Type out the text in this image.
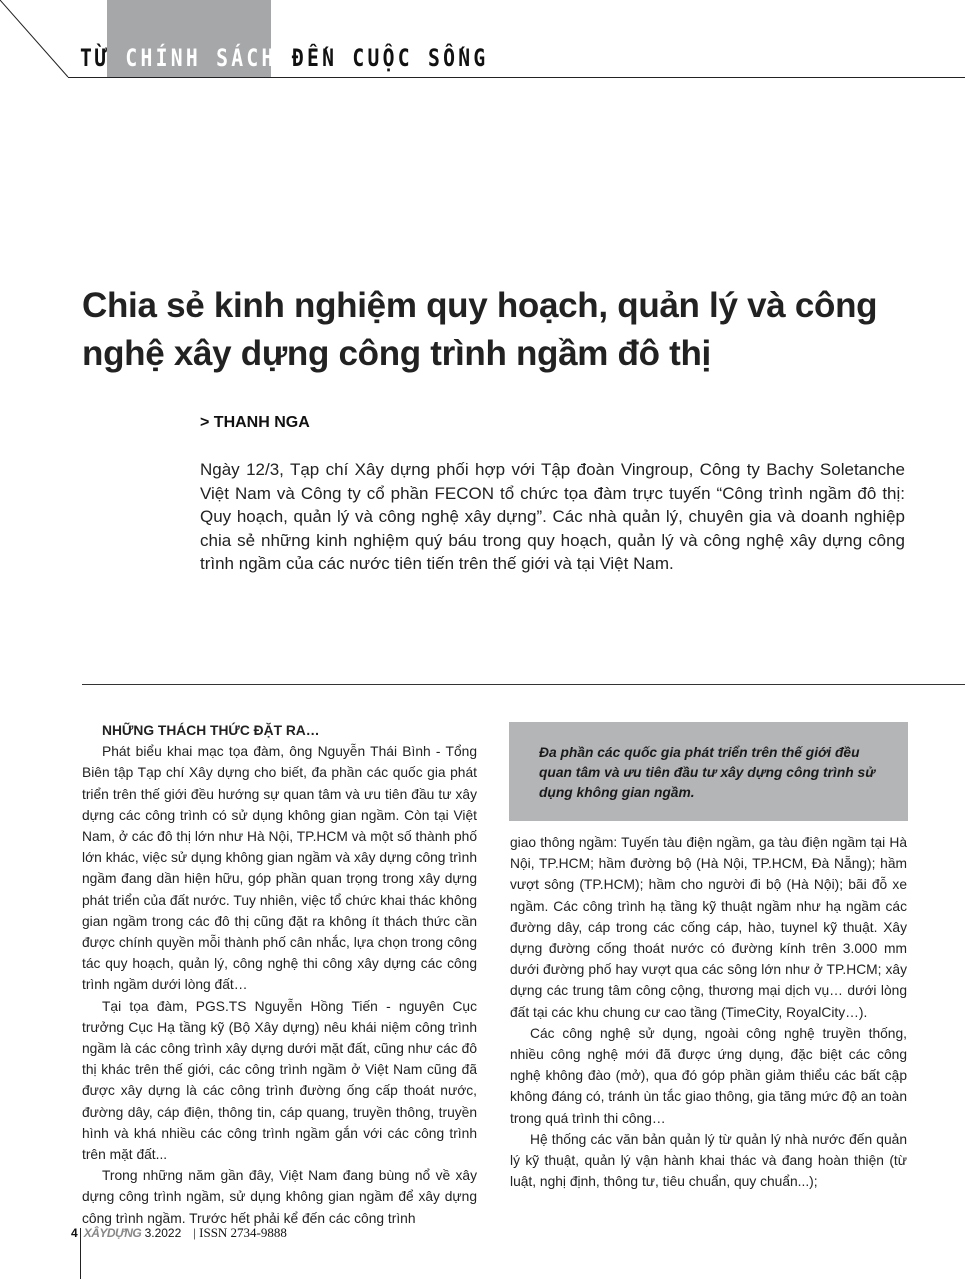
TỪ CHÍNH SÁCH ĐẾN CUỘC SỐNG
Chia sẻ kinh nghiệm quy hoạch, quản lý và công nghệ xây dựng công trình ngầm đô thị
> THANH NGA
Ngày 12/3, Tạp chí Xây dựng phối hợp với Tập đoàn Vingroup, Công ty Bachy Soletanche Việt Nam và Công ty cổ phần FECON tổ chức tọa đàm trực tuyến “Công trình ngầm đô thị: Quy hoạch, quản lý và công nghệ xây dựng”. Các nhà quản lý, chuyên gia và doanh nghiệp chia sẻ những kinh nghiệm quý báu trong quy hoạch, quản lý và công nghệ xây dựng công trình ngầm của các nước tiên tiến trên thế giới và tại Việt Nam.
NHỮNG THÁCH THỨC ĐẶT RA…

Phát biểu khai mạc tọa đàm, ông Nguyễn Thái Bình - Tổng Biên tập Tạp chí Xây dựng cho biết, đa phần các quốc gia phát triển trên thế giới đều hướng sự quan tâm và ưu tiên đầu tư xây dựng các công trình có sử dụng không gian ngầm. Còn tại Việt Nam, ở các đô thị lớn như Hà Nội, TP.HCM và một số thành phố lớn khác, việc sử dụng không gian ngầm và xây dựng công trình ngầm đang dần hiện hữu, góp phần quan trọng trong xây dựng phát triển của đất nước. Tuy nhiên, việc tổ chức khai thác không gian ngầm trong các đô thị cũng đặt ra không ít thách thức cần được chính quyền mỗi thành phố cân nhắc, lựa chọn trong công tác quy hoạch, quản lý, công nghệ thi công xây dựng các công trình ngầm dưới lòng đất…

Tại tọa đàm, PGS.TS Nguyễn Hồng Tiến - nguyên Cục trưởng Cục Hạ tầng kỹ (Bộ Xây dựng) nêu khái niệm công trình ngầm là các công trình xây dựng dưới mặt đất, cũng như các đô thị khác trên thế giới, các công trình ngầm ở Việt Nam cũng đã được xây dựng là các công trình đường ống cấp thoát nước, đường dây, cáp điện, thông tin, cáp quang, truyền thông, truyền hình và khá nhiều các công trình ngầm gắn với các công trình trên mặt đất...

Trong những năm gần đây, Việt Nam đang bùng nổ về xây dựng công trình ngầm, sử dụng không gian ngầm để xây dựng công trình ngầm. Trước hết phải kể đến các công trình

Đa phần các quốc gia phát triển trên thế giới đều quan tâm và ưu tiên đầu tư xây dựng công trình sử dụng không gian ngầm.

giao thông ngầm: Tuyến tàu điện ngầm, ga tàu điện ngầm tại Hà Nội, TP.HCM; hầm đường bộ (Hà Nội, TP.HCM, Đà Nẵng); hầm vượt sông (TP.HCM); hầm cho người đi bộ (Hà Nội); bãi đỗ xe ngầm. Các công trình hạ tầng kỹ thuật ngầm như hạ ngầm các đường dây, cáp trong các cống cáp, hào, tuynel kỹ thuật. Xây dựng đường cống thoát nước có đường kính trên 3.000 mm dưới đường phố hay vượt qua các sông lớn như ở TP.HCM; xây dựng các trung tâm công cộng, thương mại dịch vụ… dưới lòng đất tại các khu chung cư cao tầng (TimeCity, RoyalCity…).

Các công nghệ sử dụng, ngoài công nghệ truyền thống, nhiều công nghệ mới đã được ứng dụng, đặc biệt các công nghệ không đào (mở), qua đó góp phần giảm thiểu các bất cập không đáng có, tránh ùn tắc giao thông, gia tăng mức độ an toàn trong quá trình thi công…

Hệ thống các văn bản quản lý từ quản lý nhà nước đến quản lý kỹ thuật, quản lý vận hành khai thác và đang hoàn thiện (từ luật, nghị định, thông tư, tiêu chuẩn, quy chuẩn...);

4 XÂYDỰNG 3.2022 | ISSN 2734-9888
